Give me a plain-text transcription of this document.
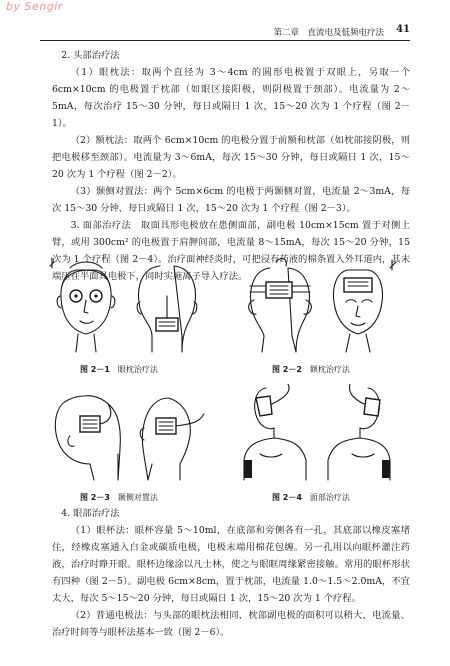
by Sengir
第二章　直流电及低频电疗法 41

2. 头部治疗法

（1）眼枕法：取两个直径为 3～4cm 的圆形电极置于双眼上，另取一个 6cm×10cm 的电极置于枕部（如眼区接阳极，则阴极置于颈部）。电流量为 2～5mA，每次治疗 15～30 分钟，每日或隔日 1 次，15～20 次为 1 个疗程（图 2－1）。

（2）额枕法：取两个 6cm×10cm 的电极分置于前额和枕部（如枕部接阴极，则把电极移至颈部）。电流量为 3～6mA，每次 15～30 分钟，每日或隔日 1 次，15～20 次为 1 个疗程（图 2－2）。

（3）颞侧对置法：两个 5cm×6cm 的电极于两颞侧对置，电流量 2～3mA，每次 15～30 分钟，每日或隔日 1 次，15～20 次为 1 个疗程（图 2－3）。

3. 面部治疗法　取面具形电极放在患侧面部，副电极 10cm×15cm 置于对侧上臂，或用 300cm² 的电极置于肩胛间部，电流量 8～15mA，每次 15～20 分钟，15 次为 1 个疗程（图 2－4）。治疗面神经炎时，可把浸有药液的棉条置入外耳道内，其末端压在半面具电极下，同时实施离子导入疗法。

图 2－1 眼枕治疗法	图 2－2 额枕治疗法
图 2－3 颞侧对置法	图 2－4 面部治疗法

4. 眼部治疗法

（1）眼杯法：眼杯容量 5～10ml，在底部和旁侧各有一孔，其底部以橡皮塞堵住，经橡皮塞通入白金或碳质电极，电极末端用棉花包缠。另一孔用以向眼杯灌注药液，治疗时睁开眼。眼杯边缘涂以凡士林，使之与眼眶周缘紧密接触。常用的眼杯形状有四种（图 2－5）。副电极 6cm×8cm，置于枕部，电流量 1.0～1.5～2.0mA，不宜太大，每次 5～15～20 分钟，每日或隔日 1 次，15～20 次为 1 个疗程。

（2）普通电极法：与头部的眼枕法相同，枕部副电极的面积可以稍大，电流量、治疗时间等与眼杯法基本一致（图 2－6）。
